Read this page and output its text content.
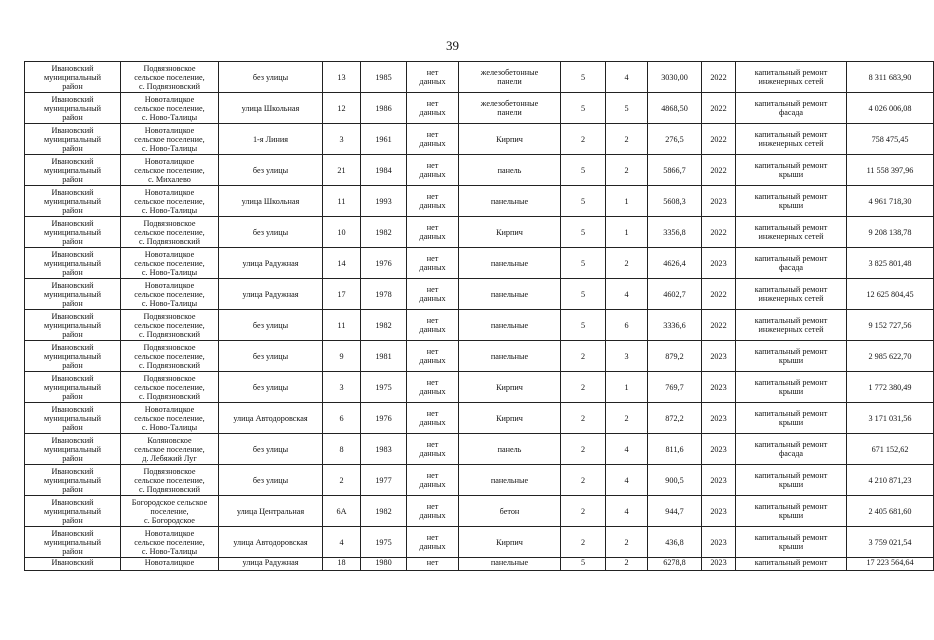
39
Ивановский
муниципальный
район	Подвязновское
сельское поселение,
с. Подвязновский	без улицы	13	1985	нет
данных	железобетонные
панели	5	4	3030,00	2022	капитальный ремонт
инженерных сетей	8 311 683,90
Ивановский
муниципальный
район	Новоталицкое
сельское поселение,
с. Ново-Талицы	улица Школьная	12	1986	нет
данных	железобетонные
панели	5	5	4868,50	2022	капитальный ремонт
фасада	4 026 006,08
Ивановский
муниципальный
район	Новоталицкое
сельское поселение,
с. Ново-Талицы	1-я Линия	3	1961	нет
данных	Кирпич	2	2	276,5	2022	капитальный ремонт
инженерных сетей	758 475,45
Ивановский
муниципальный
район	Новоталицкое
сельское поселение,
с. Михалево	без улицы	21	1984	нет
данных	панель	5	2	5866,7	2022	капитальный ремонт
крыши	11 558 397,96
Ивановский
муниципальный
район	Новоталицкое
сельское поселение,
с. Ново-Талицы	улица Школьная	11	1993	нет
данных	панельные	5	1	5608,3	2023	капитальный ремонт
крыши	4 961 718,30
Ивановский
муниципальный
район	Подвязновское
сельское поселение,
с. Подвязновский	без улицы	10	1982	нет
данных	Кирпич	5	1	3356,8	2022	капитальный ремонт
инженерных сетей	9 208 138,78
Ивановский
муниципальный
район	Новоталицкое
сельское поселение,
с. Ново-Талицы	улица Радужная	14	1976	нет
данных	панельные	5	2	4626,4	2023	капитальный ремонт
фасада	3 825 801,48
Ивановский
муниципальный
район	Новоталицкое
сельское поселение,
с. Ново-Талицы	улица Радужная	17	1978	нет
данных	панельные	5	4	4602,7	2022	капитальный ремонт
инженерных сетей	12 625 804,45
Ивановский
муниципальный
район	Подвязновское
сельское поселение,
с. Подвязновский	без улицы	11	1982	нет
данных	панельные	5	6	3336,6	2022	капитальный ремонт
инженерных сетей	9 152 727,56
Ивановский
муниципальный
район	Подвязновское
сельское поселение,
с. Подвязновский	без улицы	9	1981	нет
данных	панельные	2	3	879,2	2023	капитальный ремонт
крыши	2 985 622,70
Ивановский
муниципальный
район	Подвязновское
сельское поселение,
с. Подвязновский	без улицы	3	1975	нет
данных	Кирпич	2	1	769,7	2023	капитальный ремонт
крыши	1 772 380,49
Ивановский
муниципальный
район	Новоталицкое
сельское поселение,
с. Ново-Талицы	улица Автодоровская	6	1976	нет
данных	Кирпич	2	2	872,2	2023	капитальный ремонт
крыши	3 171 031,56
Ивановский
муниципальный
район	Коляновское
сельское поселение,
д. Лебяжий Луг	без улицы	8	1983	нет
данных	панель	2	4	811,6	2023	капитальный ремонт
фасада	671 152,62
Ивановский
муниципальный
район	Подвязновское
сельское поселение,
с. Подвязновский	без улицы	2	1977	нет
данных	панельные	2	4	900,5	2023	капитальный ремонт
крыши	4 210 871,23
Ивановский
муниципальный
район	Богородское сельское
поселение,
с. Богородское	улица Центральная	6А	1982	нет
данных	бетон	2	4	944,7	2023	капитальный ремонт
крыши	2 405 681,60
Ивановский
муниципальный
район	Новоталицкое
сельское поселение,
с. Ново-Талицы	улица Автодоровская	4	1975	нет
данных	Кирпич	2	2	436,8	2023	капитальный ремонт
крыши	3 759 021,54
Ивановский	Новоталицкое	улица Радужная	18	1980	нет	панельные	5	2	6278,8	2023	капитальный ремонт	17 223 564,64
